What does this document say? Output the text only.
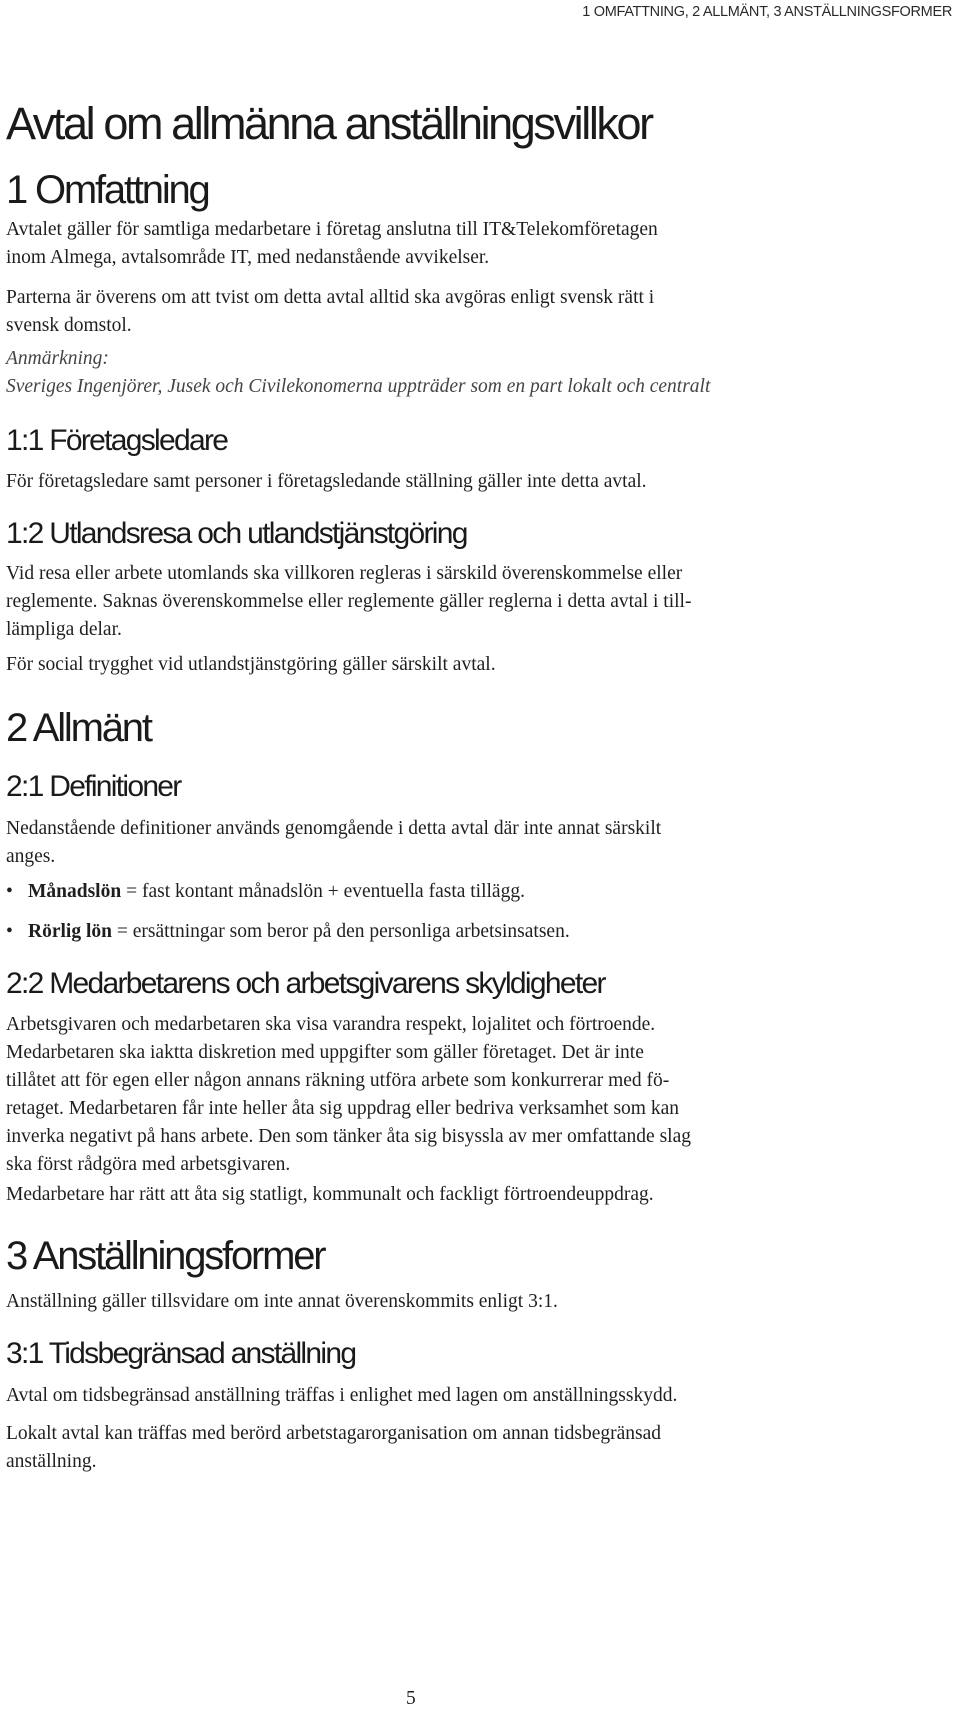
1 OMFATTNING, 2 ALLMÄNT, 3 ANSTÄLLNINGSFORMER
Avtal om allmänna anställningsvillkor
1 Omfattning

Avtalet gäller för samtliga medarbetare i företag anslutna till IT&Telekomföretagen
inom Almega, avtalsområde IT, med nedanstående avvikelser.

Parterna är överens om att tvist om detta avtal alltid ska avgöras enligt svensk rätt i
svensk domstol.

Anmärkning:
Sveriges Ingenjörer, Jusek och Civilekonomerna uppträder som en part lokalt och centralt

1:1 Företagsledare

För företagsledare samt personer i företagsledande ställning gäller inte detta avtal.

1:2 Utlandsresa och utlandstjänstgöring

Vid resa eller arbete utomlands ska villkoren regleras i särskild överenskommelse eller
reglemente. Saknas överenskommelse eller reglemente gäller reglerna i detta avtal i till-
lämpliga delar.

För social trygghet vid utlandstjänstgöring gäller särskilt avtal.

2 Allmänt
2:1 Definitioner

Nedanstående definitioner används genomgående i detta avtal där inte annat särskilt
anges.

• Månadslön = fast kontant månadslön + eventuella fasta tillägg.

• Rörlig lön = ersättningar som beror på den personliga arbetsinsatsen.

2:2 Medarbetarens och arbetsgivarens skyldigheter

Arbetsgivaren och medarbetaren ska visa varandra respekt, lojalitet och förtroende.
Medarbetaren ska iaktta diskretion med uppgifter som gäller företaget. Det är inte
tillåtet att för egen eller någon annans räkning utföra arbete som konkurrerar med fö-
retaget. Medarbetaren får inte heller åta sig uppdrag eller bedriva verksamhet som kan
inverka negativt på hans arbete. Den som tänker åta sig bisyssla av mer omfattande slag
ska först rådgöra med arbetsgivaren.

Medarbetare har rätt att åta sig statligt, kommunalt och fackligt förtroendeuppdrag.

3 Anställningsformer

Anställning gäller tillsvidare om inte annat överenskommits enligt 3:1.

3:1 Tidsbegränsad anställning

Avtal om tidsbegränsad anställning träffas i enlighet med lagen om anställningsskydd.

Lokalt avtal kan träffas med berörd arbetstagarorganisation om annan tidsbegränsad
anställning.

5
